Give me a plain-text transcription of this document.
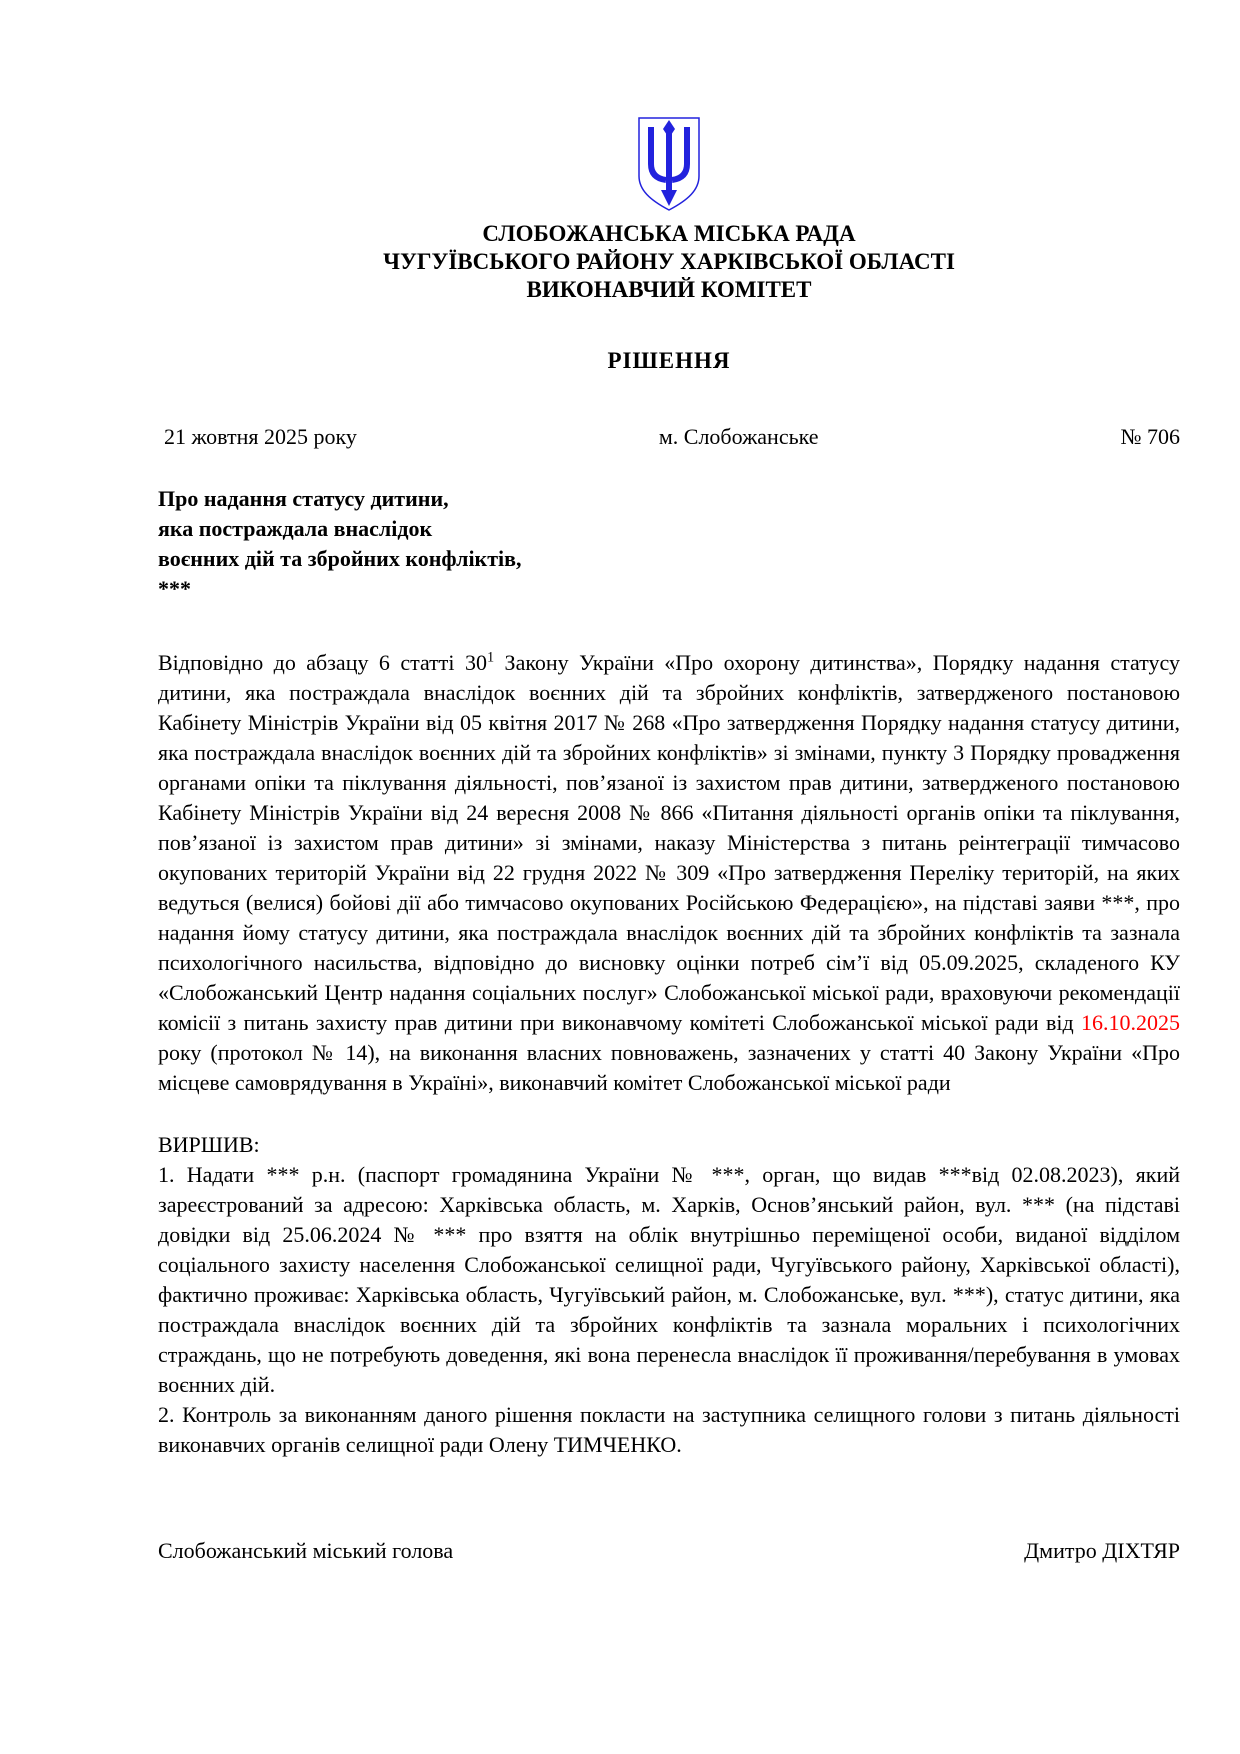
СЛОБОЖАНСЬКА МІСЬКА РАДА

ЧУГУЇВСЬКОГО РАЙОНУ ХАРКІВСЬКОЇ ОБЛАСТІ

ВИКОНАВЧИЙ КОМІТЕТ

РІШЕННЯ

21 жовтня 2025 року	м. Слобожанське	№ 706

Про надання статусу дитини,

яка постраждала внаслідок

воєнних дій та збройних конфліктів,

***

Відповідно до абзацу 6 статті $30^1$ Закону України «Про охорону дитинства», Порядку надання статусу дитини, яка постраждала внаслідок воєнних дій та збройних конфліктів, затвердженого постановою Кабінету Міністрів України від 05 квітня 2017 № 268 «Про затвердження Порядку надання статусу дитини, яка постраждала внаслідок воєнних дій та збройних конфліктів» зі змінами, пункту 3 Порядку провадження органами опіки та піклування діяльності, пов’язаної із захистом прав дитини, затвердженого постановою Кабінету Міністрів України від 24 вересня 2008 № 866 «Питання діяльності органів опіки та піклування, пов’язаної із захистом прав дитини» зі змінами, наказу Міністерства з питань реінтеграції тимчасово окупованих територій України від 22 грудня 2022 № 309 «Про затвердження Переліку територій, на яких ведуться (велися) бойові дії або тимчасово окупованих Російською Федерацією», на підставі заяви ***, про надання йому статусу дитини, яка постраждала внаслідок воєнних дій та збройних конфліктів та зазнала психологічного насильства, відповідно до висновку оцінки потреб сім’ї від 05.09.2025, складеного КУ «Слобожанський Центр надання соціальних послуг» Слобожанської міської ради, враховуючи рекомендації комісії з питань захисту прав дитини при виконавчому комітеті Слобожанської міської ради від 16.10.2025 року (протокол № 14), на виконання власних повноважень, зазначених у статті 40 Закону України «Про місцеве самоврядування в Україні», виконавчий комітет Слобожанської міської ради

ВИРШИВ:

1. Надати *** р.н. (паспорт громадянина України № ***, орган, що видав ***від 02.08.2023), який зареєстрований за адресою: Харківська область, м. Харків, Основ’янський район, вул. *** (на підставі довідки від 25.06.2024 № *** про взяття на облік внутрішньо переміщеної особи, виданої відділом соціального захисту населення Слобожанської селищної ради, Чугуївського району, Харківської області), фактично проживає: Харківська область, Чугуївський район, м. Слобожанське, вул. ***), статус дитини, яка постраждала внаслідок воєнних дій та збройних конфліктів та зазнала моральних і психологічних страждань, що не потребують доведення, які вона перенесла внаслідок її проживання/перебування в умовах воєнних дій.

2. Контроль за виконанням даного рішення покласти на заступника селищного голови з питань діяльності виконавчих органів селищної ради Олену ТИМЧЕНКО.

Слобожанський міський голова	Дмитро ДІХТЯР
